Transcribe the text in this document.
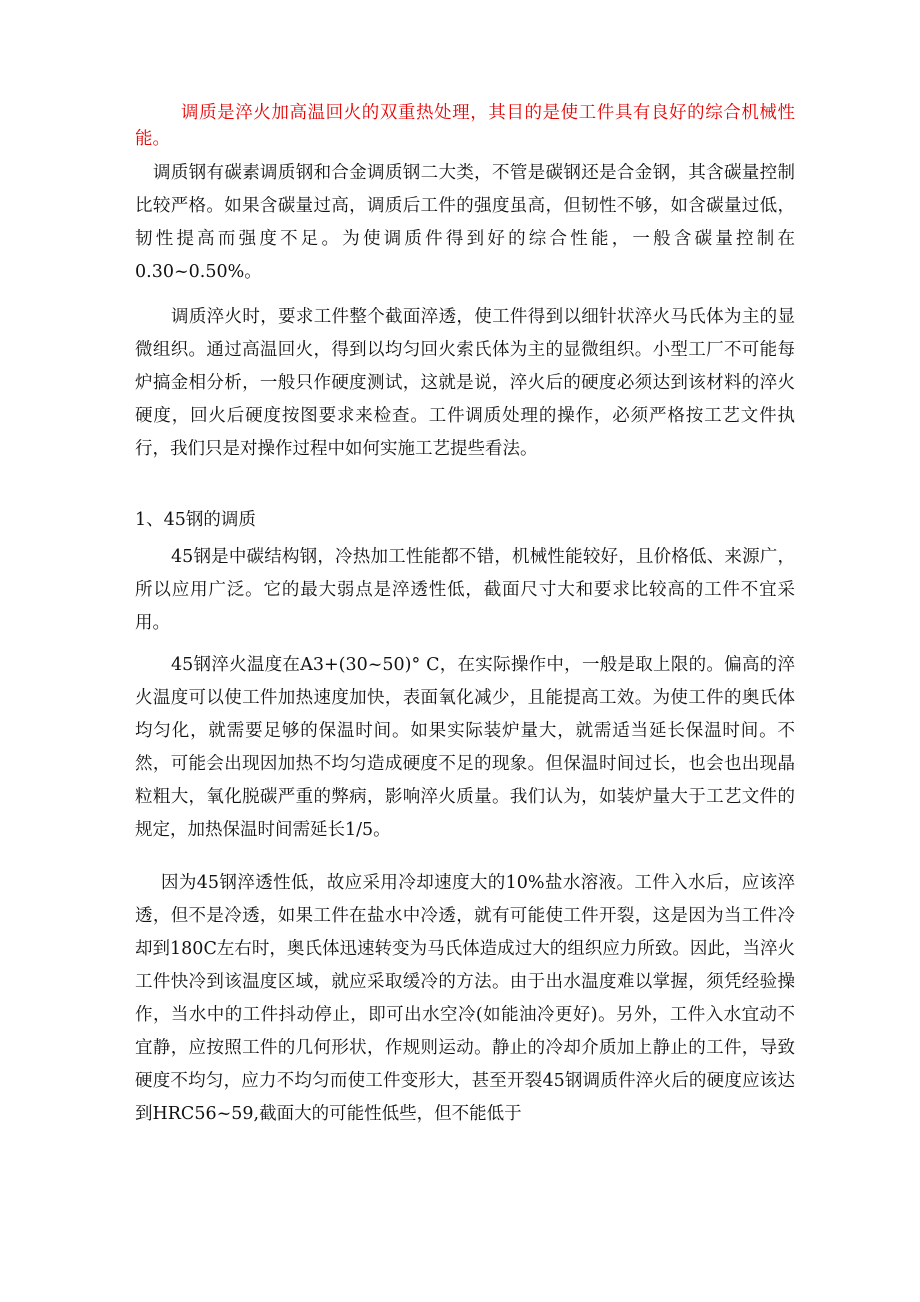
调质是淬火加高温回火的双重热处理，其目的是使工件具有良好的综合机械性能。

调质钢有碳素调质钢和合金调质钢二大类，不管是碳钢还是合金钢，其含碳量控制比较严格。如果含碳量过高，调质后工件的强度虽高，但韧性不够，如含碳量过低，韧性提高而强度不足。为使调质件得到好的综合性能，一般含碳量控制在0.30~0.50%。

调质淬火时，要求工件整个截面淬透，使工件得到以细针状淬火马氏体为主的显微组织。通过高温回火，得到以均匀回火索氏体为主的显微组织。小型工厂不可能每炉搞金相分析，一般只作硬度测试，这就是说，淬火后的硬度必须达到该材料的淬火硬度，回火后硬度按图要求来检查。工件调质处理的操作，必须严格按工艺文件执行，我们只是对操作过程中如何实施工艺提些看法。

1、45钢的调质

45钢是中碳结构钢，冷热加工性能都不错，机械性能较好，且价格低、来源广，所以应用广泛。它的最大弱点是淬透性低，截面尺寸大和要求比较高的工件不宜采用。

45钢淬火温度在A3+(30~50)° C，在实际操作中，一般是取上限的。偏高的淬火温度可以使工件加热速度加快，表面氧化减少，且能提高工效。为使工件的奥氏体均匀化，就需要足够的保温时间。如果实际装炉量大，就需适当延长保温时间。不然，可能会出现因加热不均匀造成硬度不足的现象。但保温时间过长，也会也出现晶粒粗大，氧化脱碳严重的弊病，影响淬火质量。我们认为，如装炉量大于工艺文件的规定，加热保温时间需延长1/5。

因为45钢淬透性低，故应采用冷却速度大的10%盐水溶液。工件入水后，应该淬透，但不是冷透，如果工件在盐水中冷透，就有可能使工件开裂，这是因为当工件冷却到180C左右时，奥氏体迅速转变为马氏体造成过大的组织应力所致。因此，当淬火工件快冷到该温度区域，就应采取缓冷的方法。由于出水温度难以掌握，须凭经验操作，当水中的工件抖动停止，即可出水空冷(如能油冷更好)。另外，工件入水宜动不宜静，应按照工件的几何形状，作规则运动。静止的冷却介质加上静止的工件，导致硬度不均匀，应力不均匀而使工件变形大，甚至开裂45钢调质件淬火后的硬度应该达到HRC56~59,截面大的可能性低些，但不能低于
